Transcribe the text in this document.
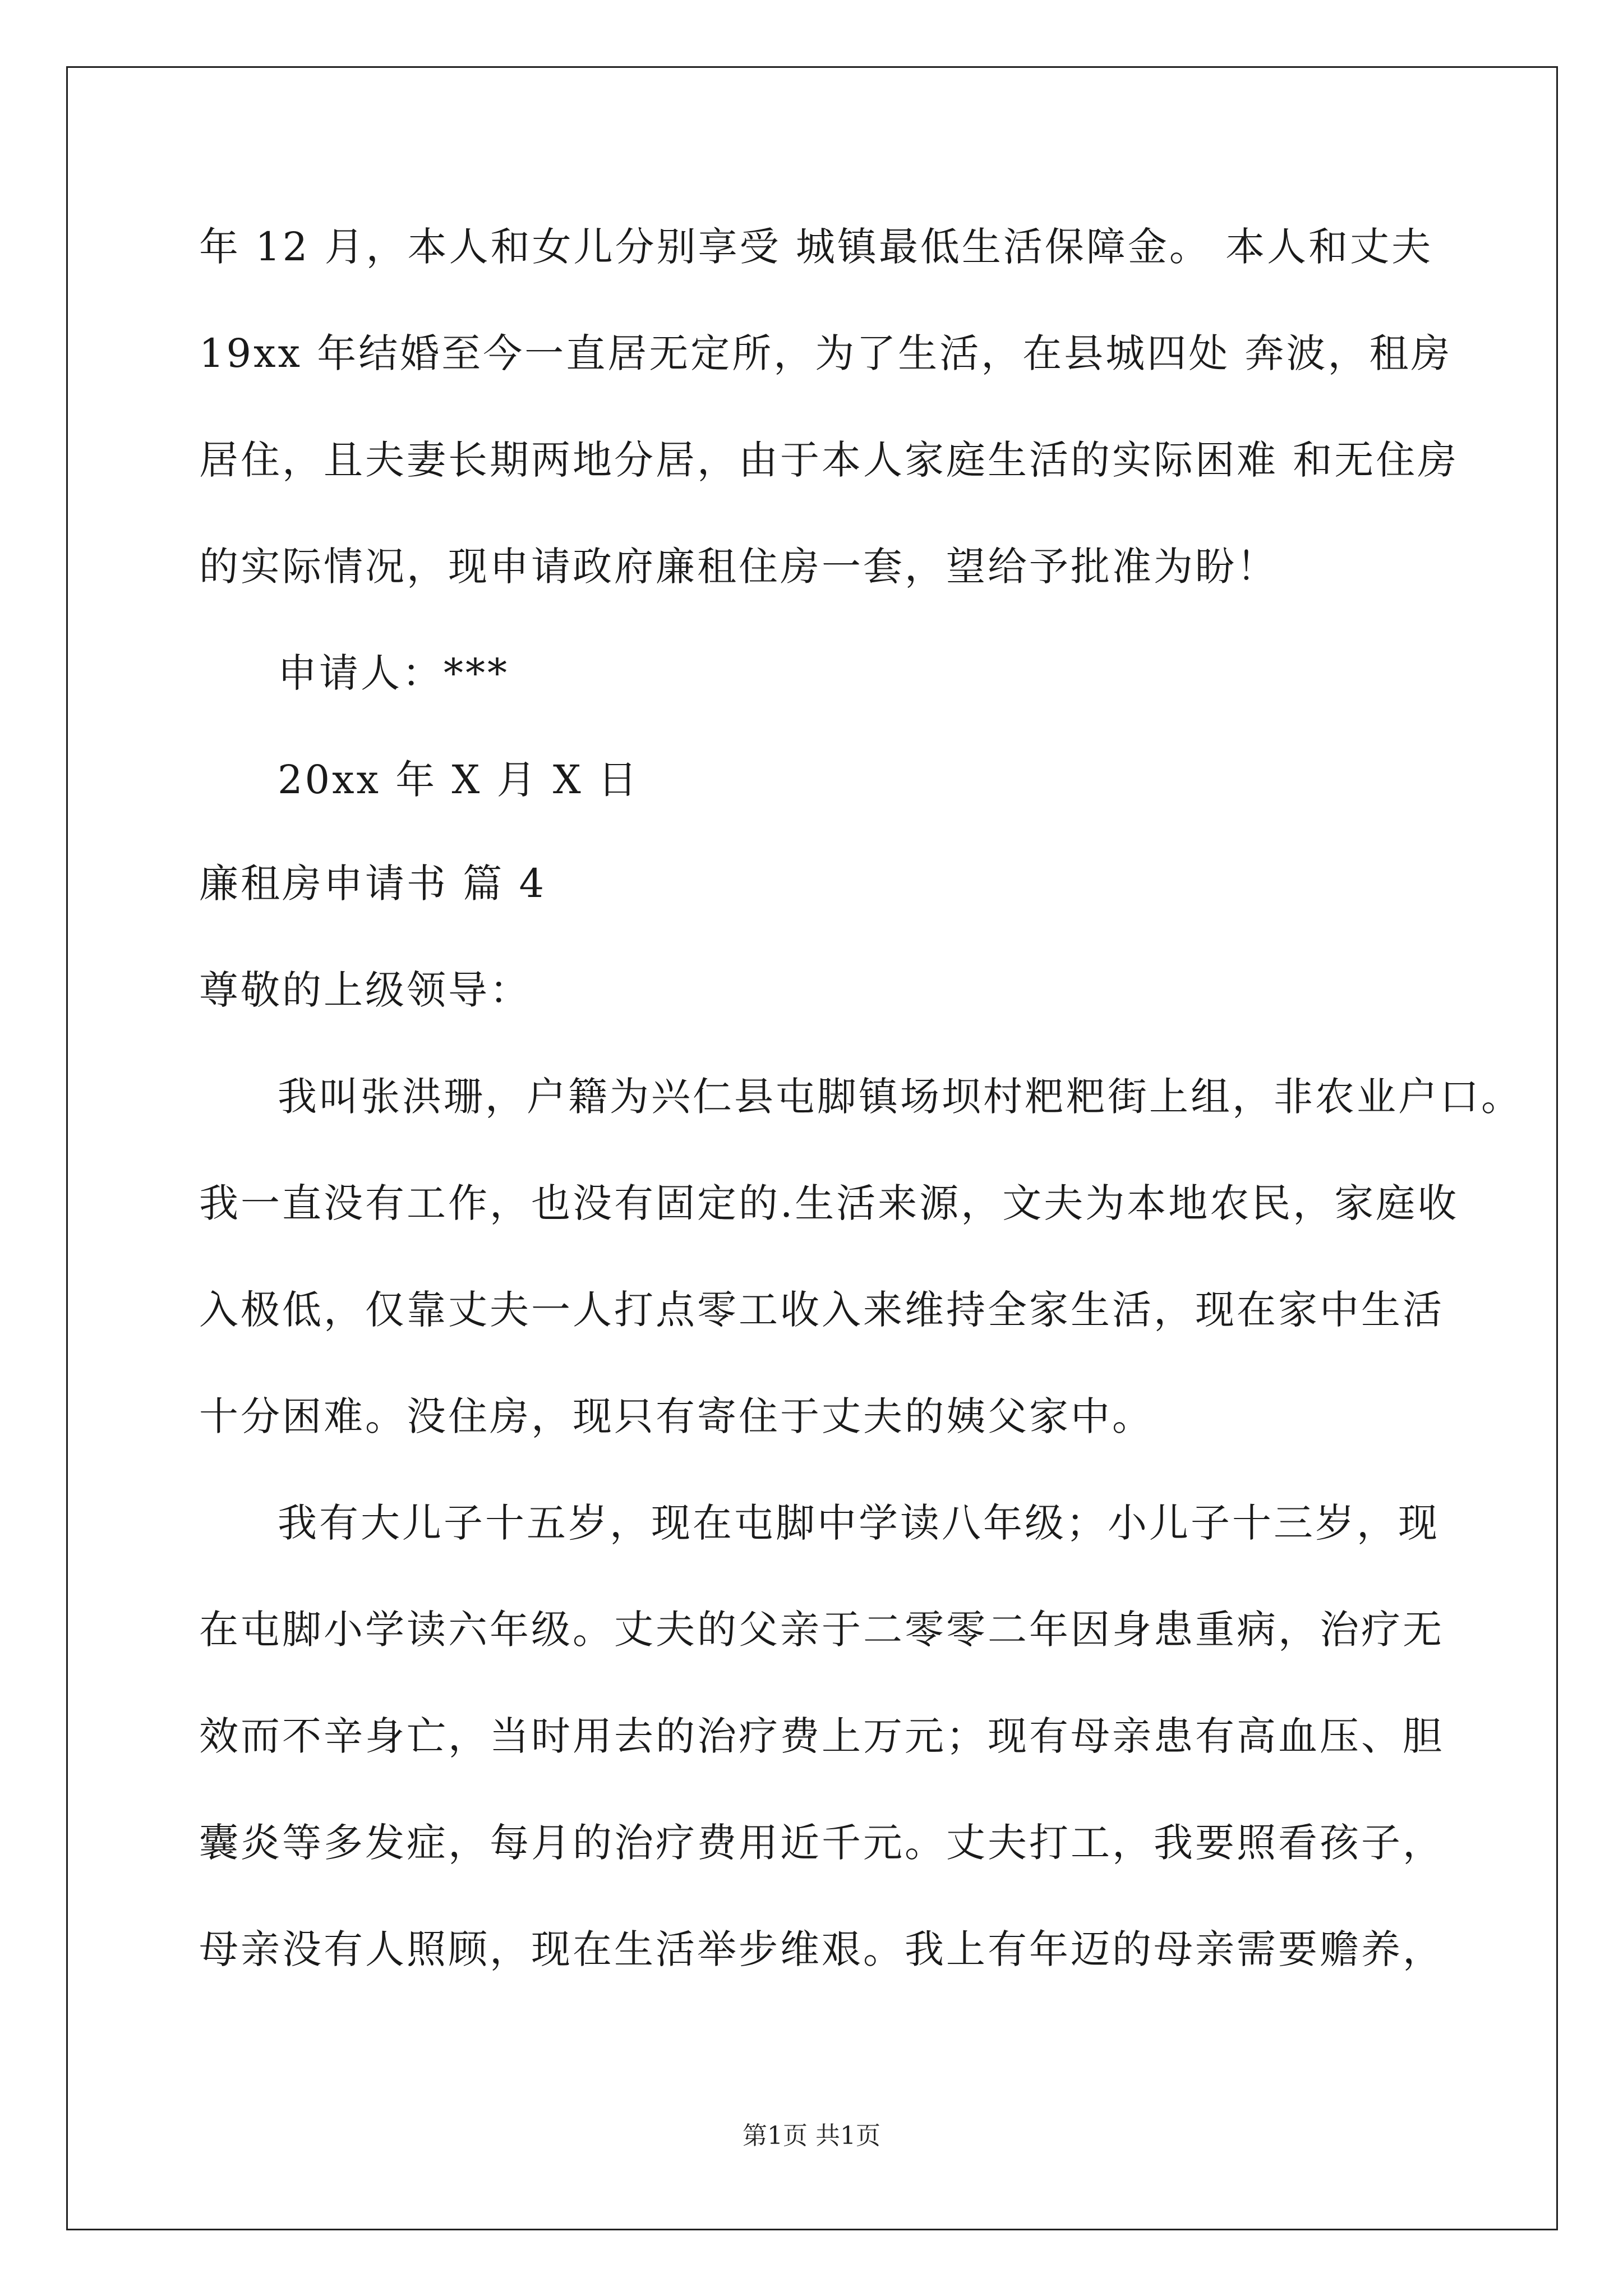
年 12 月，本人和女儿分别享受 城镇最低生活保障金。 本人和丈夫
19xx 年结婚至今一直居无定所，为了生活，在县城四处 奔波，租房
居住，且夫妻长期两地分居，由于本人家庭生活的实际困难 和无住房
的实际情况，现申请政府廉租住房一套，望给予批准为盼！
申请人：***
20xx 年 X 月 X 日
廉租房申请书 篇 4
尊敬的上级领导：
我叫张洪珊，户籍为兴仁县屯脚镇场坝村粑粑街上组，非农业户口。
我一直没有工作，也没有固定的.生活来源，文夫为本地农民，家庭收
入极低，仅靠丈夫一人打点零工收入来维持全家生活，现在家中生活
十分困难。没住房，现只有寄住于丈夫的姨父家中。
我有大儿子十五岁，现在屯脚中学读八年级；小儿子十三岁，现
在屯脚小学读六年级。丈夫的父亲于二零零二年因身患重病，治疗无
效而不辛身亡，当时用去的治疗费上万元；现有母亲患有高血压、胆
囊炎等多发症，每月的治疗费用近千元。丈夫打工，我要照看孩子，
母亲没有人照顾，现在生活举步维艰。我上有年迈的母亲需要赡养，
第1页 共1页
